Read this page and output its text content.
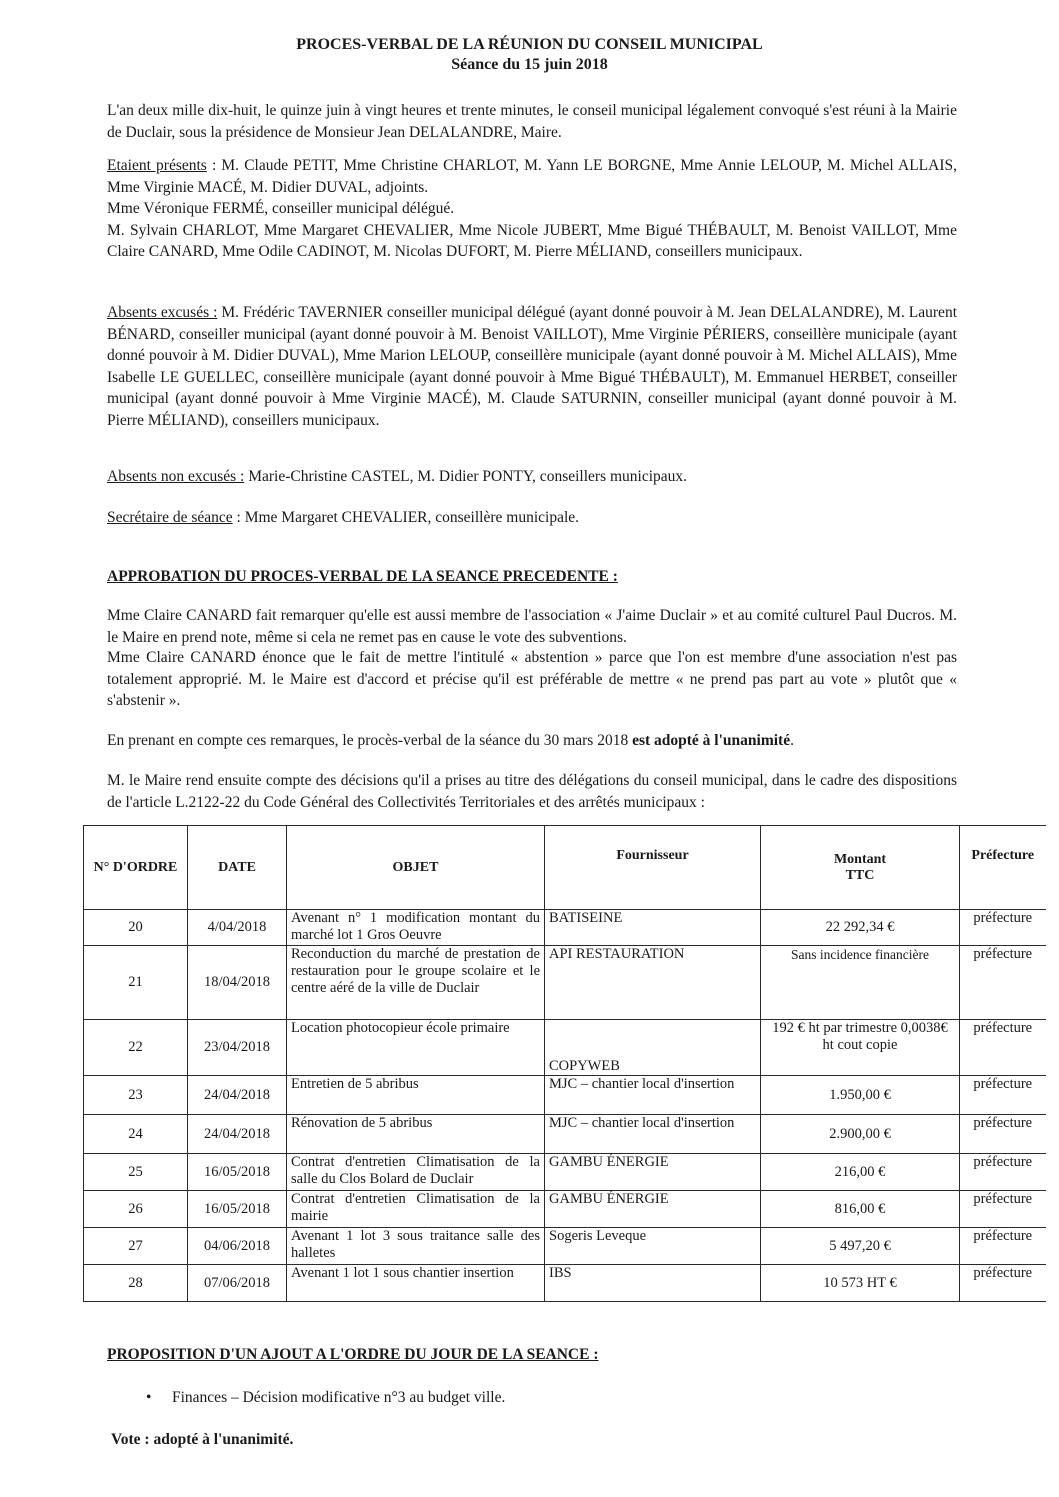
PROCES-VERBAL DE LA RÉUNION DU CONSEIL MUNICIPAL
Séance du 15 juin 2018
L'an deux mille dix-huit, le quinze juin à vingt heures et trente minutes, le conseil municipal légalement convoqué s'est réuni à la Mairie de Duclair, sous la présidence de Monsieur Jean DELALANDRE, Maire.
Etaient présents : M. Claude PETIT, Mme Christine CHARLOT, M. Yann LE BORGNE, Mme Annie LELOUP, M. Michel ALLAIS, Mme Virginie MACÉ, M. Didier DUVAL, adjoints.
Mme Véronique FERMÉ, conseiller municipal délégué.
M. Sylvain CHARLOT, Mme Margaret CHEVALIER, Mme Nicole JUBERT, Mme Bigué THÉBAULT, M. Benoist VAILLOT, Mme Claire CANARD, Mme Odile CADINOT, M. Nicolas DUFORT, M. Pierre MÉLIAND, conseillers municipaux.
Absents excusés : M. Frédéric TAVERNIER conseiller municipal délégué (ayant donné pouvoir à M. Jean DELALANDRE), M. Laurent BÉNARD, conseiller municipal (ayant donné pouvoir à M. Benoist VAILLOT), Mme Virginie PÉRIERS, conseillère municipale (ayant donné pouvoir à M. Didier DUVAL), Mme Marion LELOUP, conseillère municipale (ayant donné pouvoir à M. Michel ALLAIS), Mme Isabelle LE GUELLEC, conseillère municipale (ayant donné pouvoir à Mme Bigué THÉBAULT), M. Emmanuel HERBET, conseiller municipal (ayant donné pouvoir à Mme Virginie MACÉ), M. Claude SATURNIN, conseiller municipal (ayant donné pouvoir à M. Pierre MÉLIAND), conseillers municipaux.
Absents non excusés : Marie-Christine CASTEL, M. Didier PONTY, conseillers municipaux.
Secrétaire de séance : Mme Margaret CHEVALIER, conseillère municipale.
APPROBATION DU PROCES-VERBAL DE LA SEANCE PRECEDENTE :
Mme Claire CANARD fait remarquer qu'elle est aussi membre de l'association « J'aime Duclair » et au comité culturel Paul Ducros. M. le Maire en prend note, même si cela ne remet pas en cause le vote des subventions.
Mme Claire CANARD énonce que le fait de mettre l'intitulé « abstention » parce que l'on est membre d'une association n'est pas totalement approprié. M. le Maire est d'accord et précise qu'il est préférable de mettre « ne prend pas part au vote » plutôt que « s'abstenir ».
En prenant en compte ces remarques, le procès-verbal de la séance du 30 mars 2018 est adopté à l'unanimité.
M. le Maire rend ensuite compte des décisions qu'il a prises au titre des délégations du conseil municipal, dans le cadre des dispositions de l'article L.2122-22 du Code Général des Collectivités Territoriales et des arrêtés municipaux :
N° D'ORDRE	DATE	OBJET	Fournisseur	Montant TTC	Préfecture
20	4/04/2018	Avenant n° 1 modification montant du marché lot 1 Gros Oeuvre	BATISEINE	22 292,34 €	préfecture
21	18/04/2018	Reconduction du marché de prestation de restauration pour le groupe scolaire et le centre aéré de la ville de Duclair	API RESTAURATION	Sans incidence financière	préfecture
22	23/04/2018	Location photocopieur école primaire	COPYWEB	192 € ht par trimestre 0,0038€ ht cout copie	préfecture
23	24/04/2018	Entretien de 5 abribus	MJC – chantier local d'insertion	1.950,00 €	préfecture
24	24/04/2018	Rénovation de 5 abribus	MJC – chantier local d'insertion	2.900,00 €	préfecture
25	16/05/2018	Contrat d'entretien Climatisation de la salle du Clos Bolard de Duclair	GAMBU ÉNERGIE	216,00 €	préfecture
26	16/05/2018	Contrat d'entretien Climatisation de la mairie	GAMBU ÉNERGIE	816,00 €	préfecture
27	04/06/2018	Avenant 1 lot 3 sous traitance salle des halletes	Sogeris Leveque	5 497,20 €	préfecture
28	07/06/2018	Avenant 1 lot 1 sous chantier insertion	IBS	10 573 HT €	préfecture
PROPOSITION D'UN AJOUT A L'ORDRE DU JOUR DE LA SEANCE :
• Finances – Décision modificative n°3 au budget ville.
Vote : adopté à l'unanimité.
